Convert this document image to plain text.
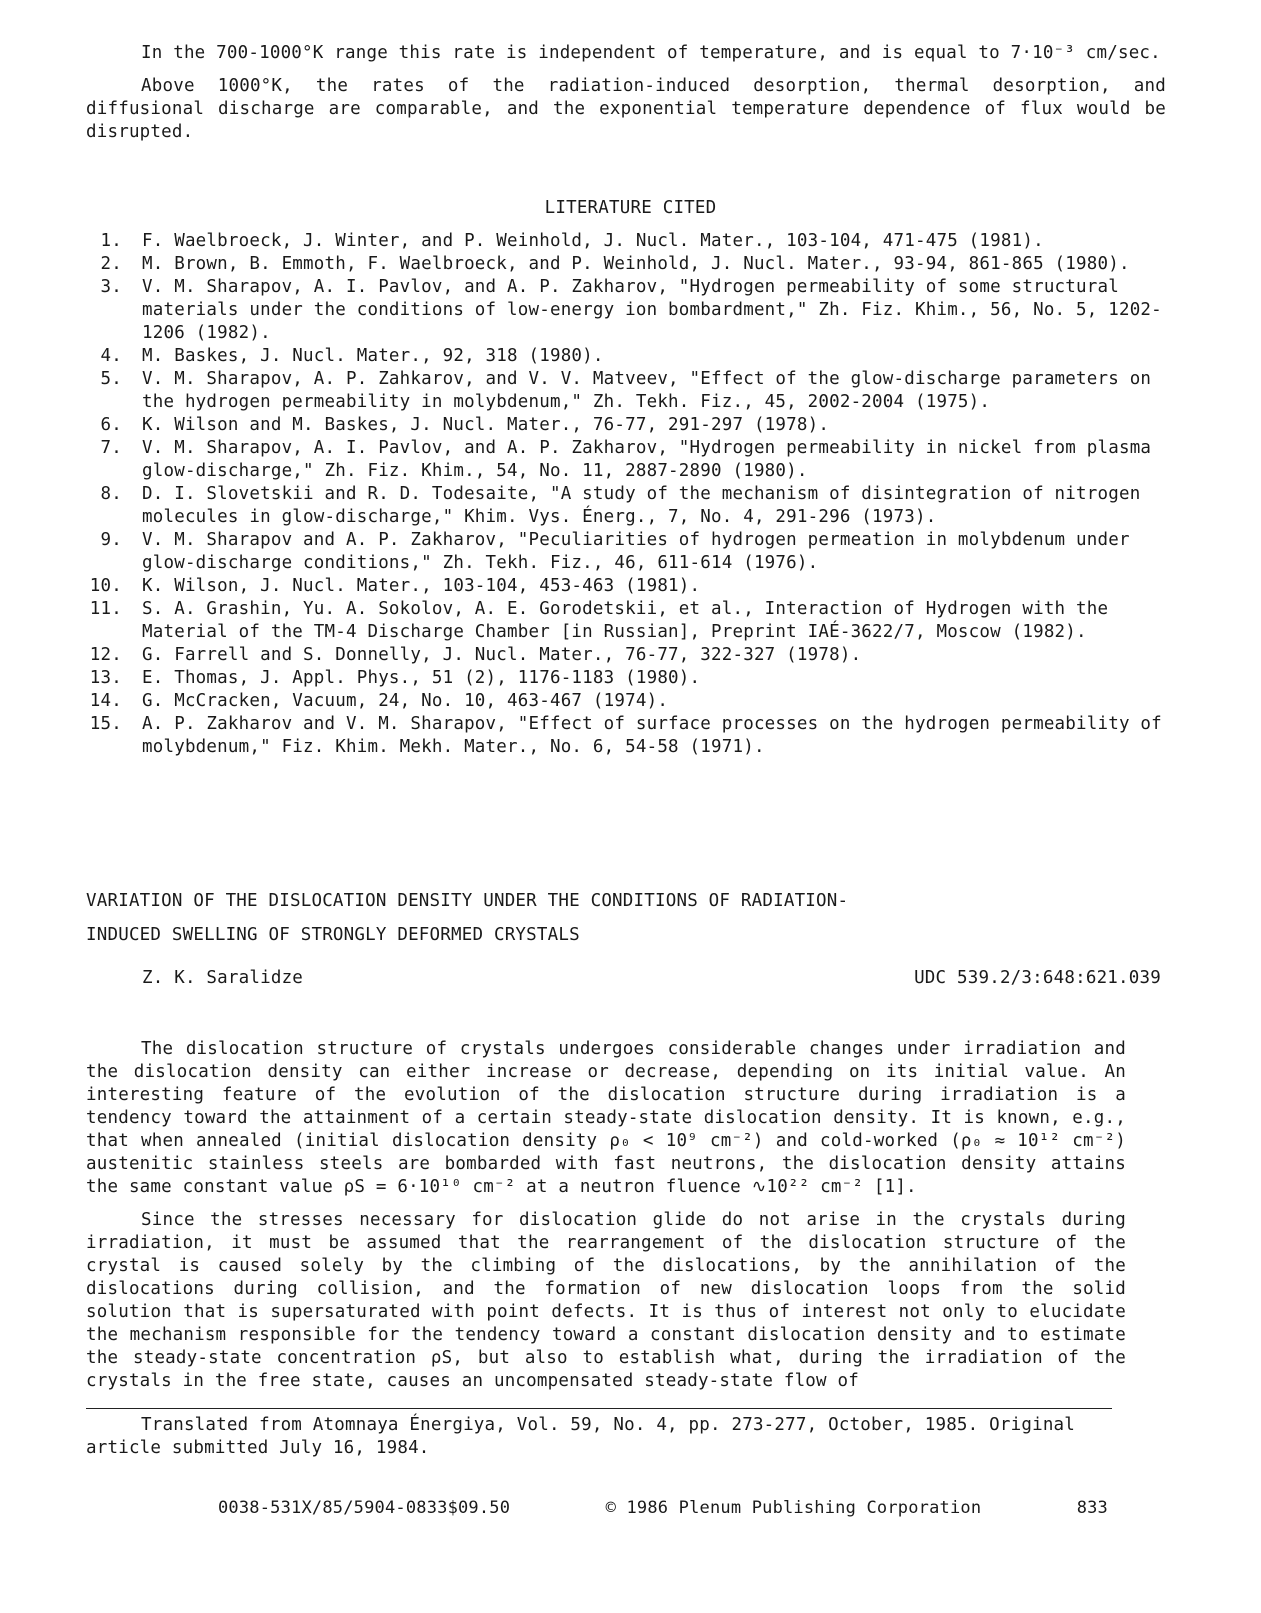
In the 700-1000°K range this rate is independent of temperature, and is equal to 7·10⁻³ cm/sec.

Above 1000°K, the rates of the radiation-induced desorption, thermal desorption, and diffusional discharge are comparable, and the exponential temperature dependence of flux would be disrupted.

LITERATURE CITED
1. F. Waelbroeck, J. Winter, and P. Weinhold, J. Nucl. Mater., 103-104, 471-475 (1981).
2. M. Brown, B. Emmoth, F. Waelbroeck, and P. Weinhold, J. Nucl. Mater., 93-94, 861-865 (1980).
3. V. M. Sharapov, A. I. Pavlov, and A. P. Zakharov, "Hydrogen permeability of some structural materials under the conditions of low-energy ion bombardment," Zh. Fiz. Khim., 56, No. 5, 1202-1206 (1982).
4. M. Baskes, J. Nucl. Mater., 92, 318 (1980).
5. V. M. Sharapov, A. P. Zahkarov, and V. V. Matveev, "Effect of the glow-discharge parameters on the hydrogen permeability in molybdenum," Zh. Tekh. Fiz., 45, 2002-2004 (1975).
6. K. Wilson and M. Baskes, J. Nucl. Mater., 76-77, 291-297 (1978).
7. V. M. Sharapov, A. I. Pavlov, and A. P. Zakharov, "Hydrogen permeability in nickel from plasma glow-discharge," Zh. Fiz. Khim., 54, No. 11, 2887-2890 (1980).
8. D. I. Slovetskii and R. D. Todesaite, "A study of the mechanism of disintegration of nitrogen molecules in glow-discharge," Khim. Vys. Énerg., 7, No. 4, 291-296 (1973).
9. V. M. Sharapov and A. P. Zakharov, "Peculiarities of hydrogen permeation in molybdenum under glow-discharge conditions," Zh. Tekh. Fiz., 46, 611-614 (1976).
10. K. Wilson, J. Nucl. Mater., 103-104, 453-463 (1981).
11. S. A. Grashin, Yu. A. Sokolov, A. E. Gorodetskii, et al., Interaction of Hydrogen with the Material of the TM-4 Discharge Chamber [in Russian], Preprint IAÉ-3622/7, Moscow (1982).
12. G. Farrell and S. Donnelly, J. Nucl. Mater., 76-77, 322-327 (1978).
13. E. Thomas, J. Appl. Phys., 51 (2), 1176-1183 (1980).
14. G. McCracken, Vacuum, 24, No. 10, 463-467 (1974).
15. A. P. Zakharov and V. M. Sharapov, "Effect of surface processes on the hydrogen permeability of molybdenum," Fiz. Khim. Mekh. Mater., No. 6, 54-58 (1971).
VARIATION OF THE DISLOCATION DENSITY UNDER THE CONDITIONS OF RADIATION-
INDUCED SWELLING OF STRONGLY DEFORMED CRYSTALS
Z. K. Saralidze	UDC 539.2/3:648:621.039

The dislocation structure of crystals undergoes considerable changes under irradiation and the dislocation density can either increase or decrease, depending on its initial value. An interesting feature of the evolution of the dislocation structure during irradiation is a tendency toward the attainment of a certain steady-state dislocation density. It is known, e.g., that when annealed (initial dislocation density ρ₀ < 10⁹ cm⁻²) and cold-worked (ρ₀ ≈ 10¹² cm⁻²) austenitic stainless steels are bombarded with fast neutrons, the dislocation density attains the same constant value ρS = 6·10¹⁰ cm⁻² at a neutron fluence ∿10²² cm⁻² [1].

Since the stresses necessary for dislocation glide do not arise in the crystals during irradiation, it must be assumed that the rearrangement of the dislocation structure of the crystal is caused solely by the climbing of the dislocations, by the annihilation of the dislocations during collision, and the formation of new dislocation loops from the solid solution that is supersaturated with point defects. It is thus of interest not only to elucidate the mechanism responsible for the tendency toward a constant dislocation density and to estimate the steady-state concentration ρS, but also to establish what, during the irradiation of the crystals in the free state, causes an uncompensated steady-state flow of

Translated from Atomnaya Énergiya, Vol. 59, No. 4, pp. 273-277, October, 1985. Original article submitted July 16, 1984.

0038-531X/85/5904-0833$09.50	© 1986 Plenum Publishing Corporation	833
